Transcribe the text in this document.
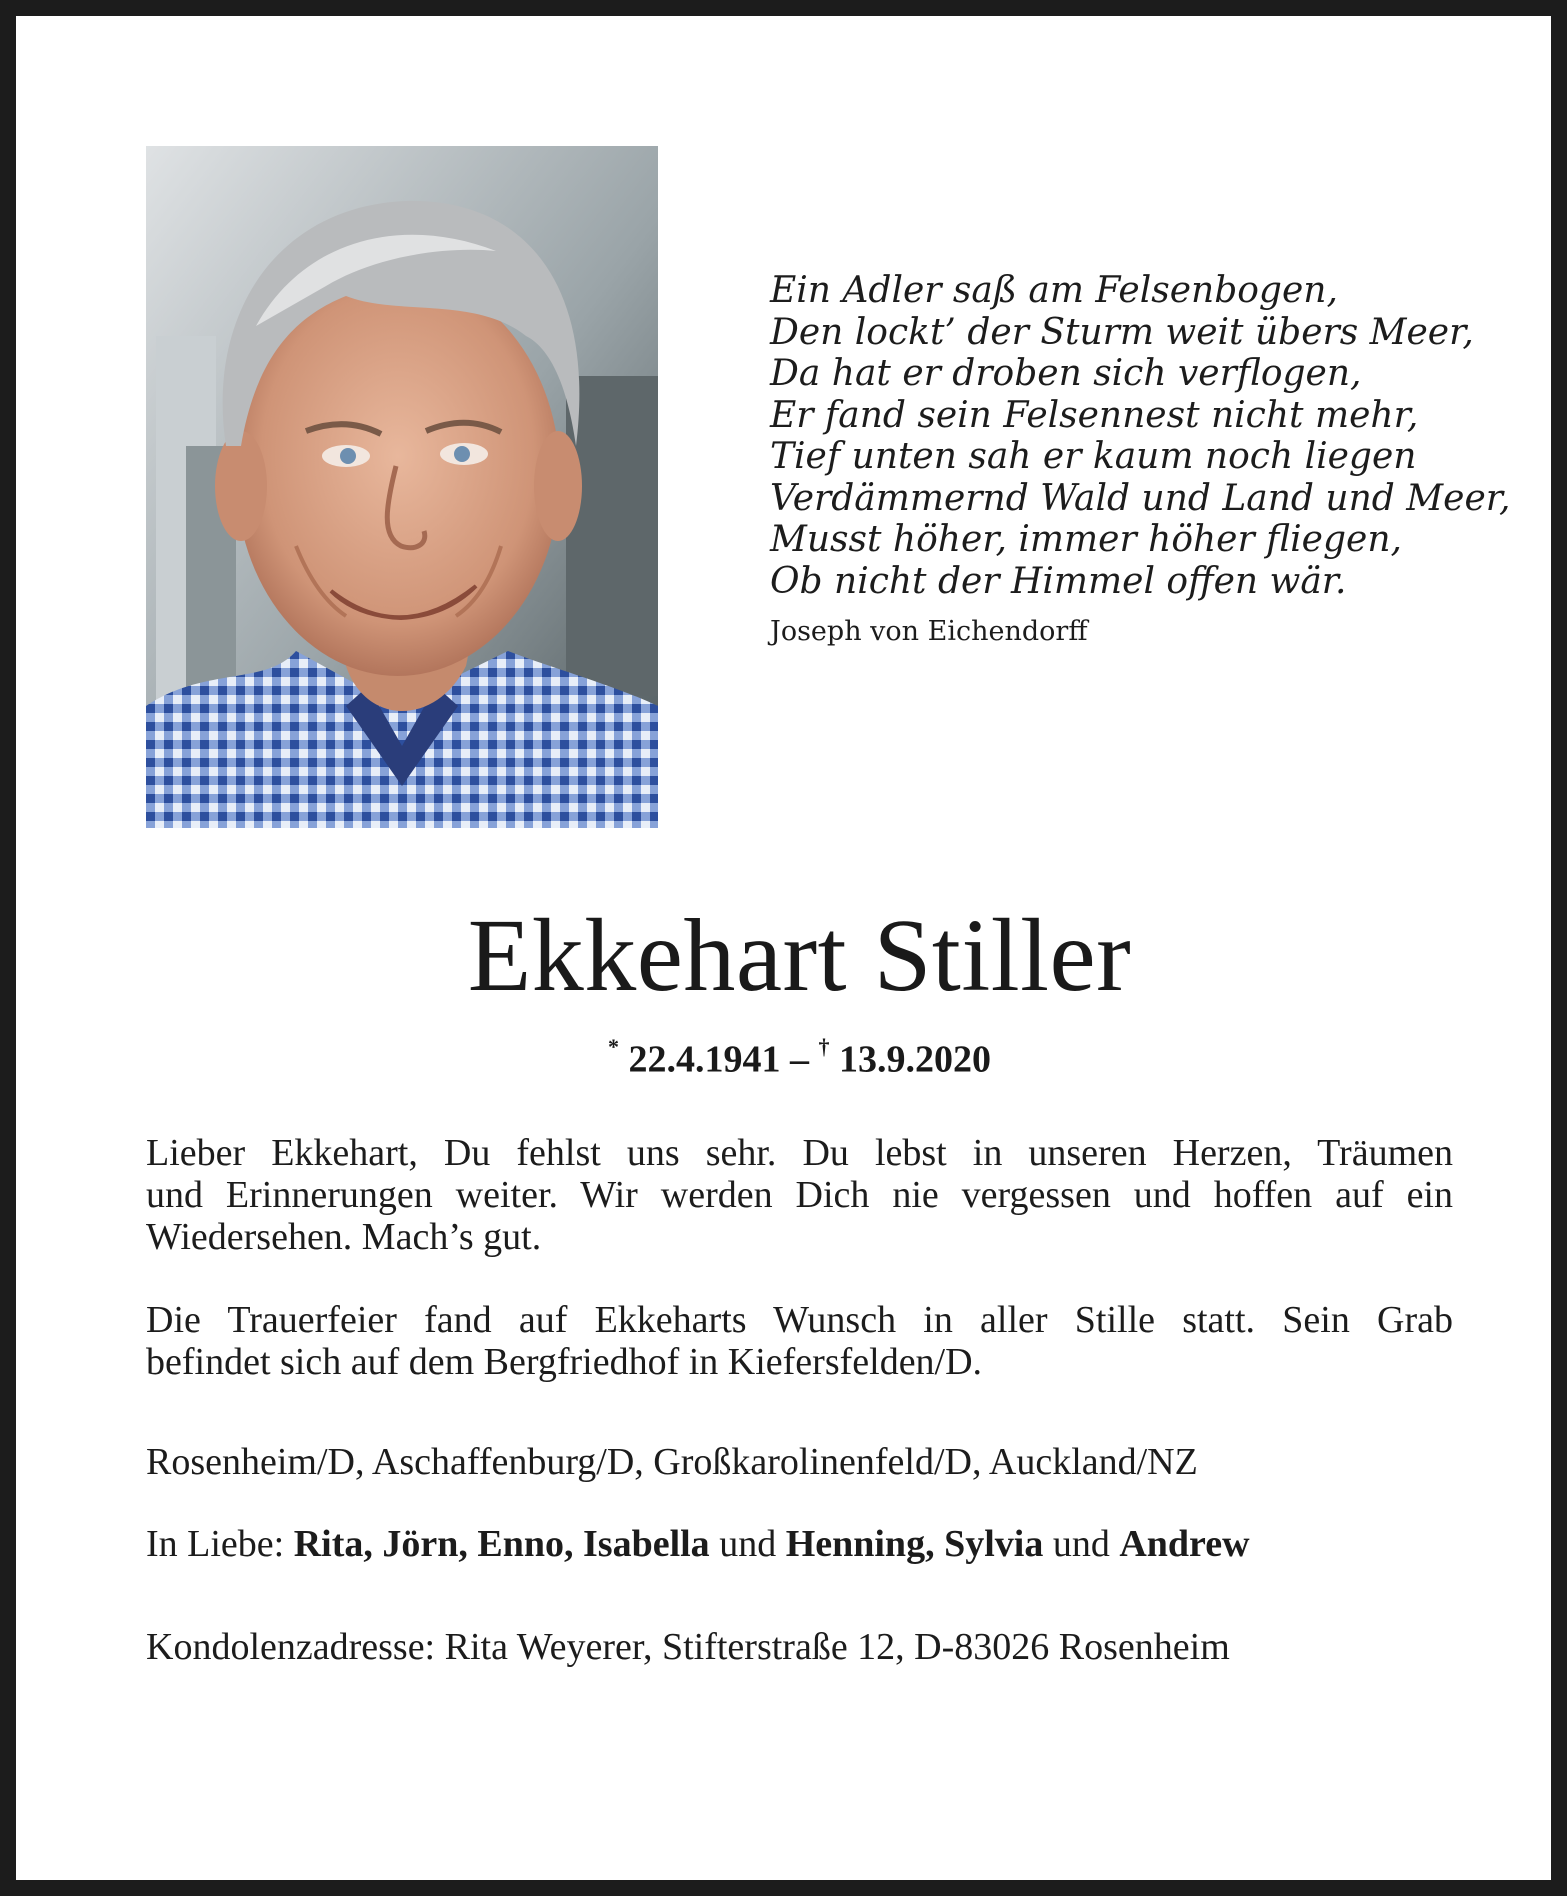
Ein Adler saß am Felsenbogen,
Den lockt’ der Sturm weit übers Meer,
Da hat er droben sich verflogen,
Er fand sein Felsennest nicht mehr,
Tief unten sah er kaum noch liegen
Verdämmernd Wald und Land und Meer,
Musst höher, immer höher fliegen,
Ob nicht der Himmel offen wär.
Joseph von Eichendorff
Ekkehart Stiller
* 22.4.1941 – † 13.9.2020
Lieber Ekkehart, Du fehlst uns sehr. Du lebst in unseren Herzen, Träumen
und Erinnerungen weiter. Wir werden Dich nie vergessen und hoffen auf ein
Wiedersehen. Mach’s gut.
Die Trauerfeier fand auf Ekkeharts Wunsch in aller Stille statt. Sein Grab
befindet sich auf dem Bergfriedhof in Kiefersfelden/D.
Rosenheim/D, Aschaffenburg/D, Großkarolinenfeld/D, Auckland/NZ
In Liebe: Rita, Jörn, Enno, Isabella und Henning, Sylvia und Andrew
Kondolenzadresse: Rita Weyerer, Stifterstraße 12, D-83026 Rosenheim
